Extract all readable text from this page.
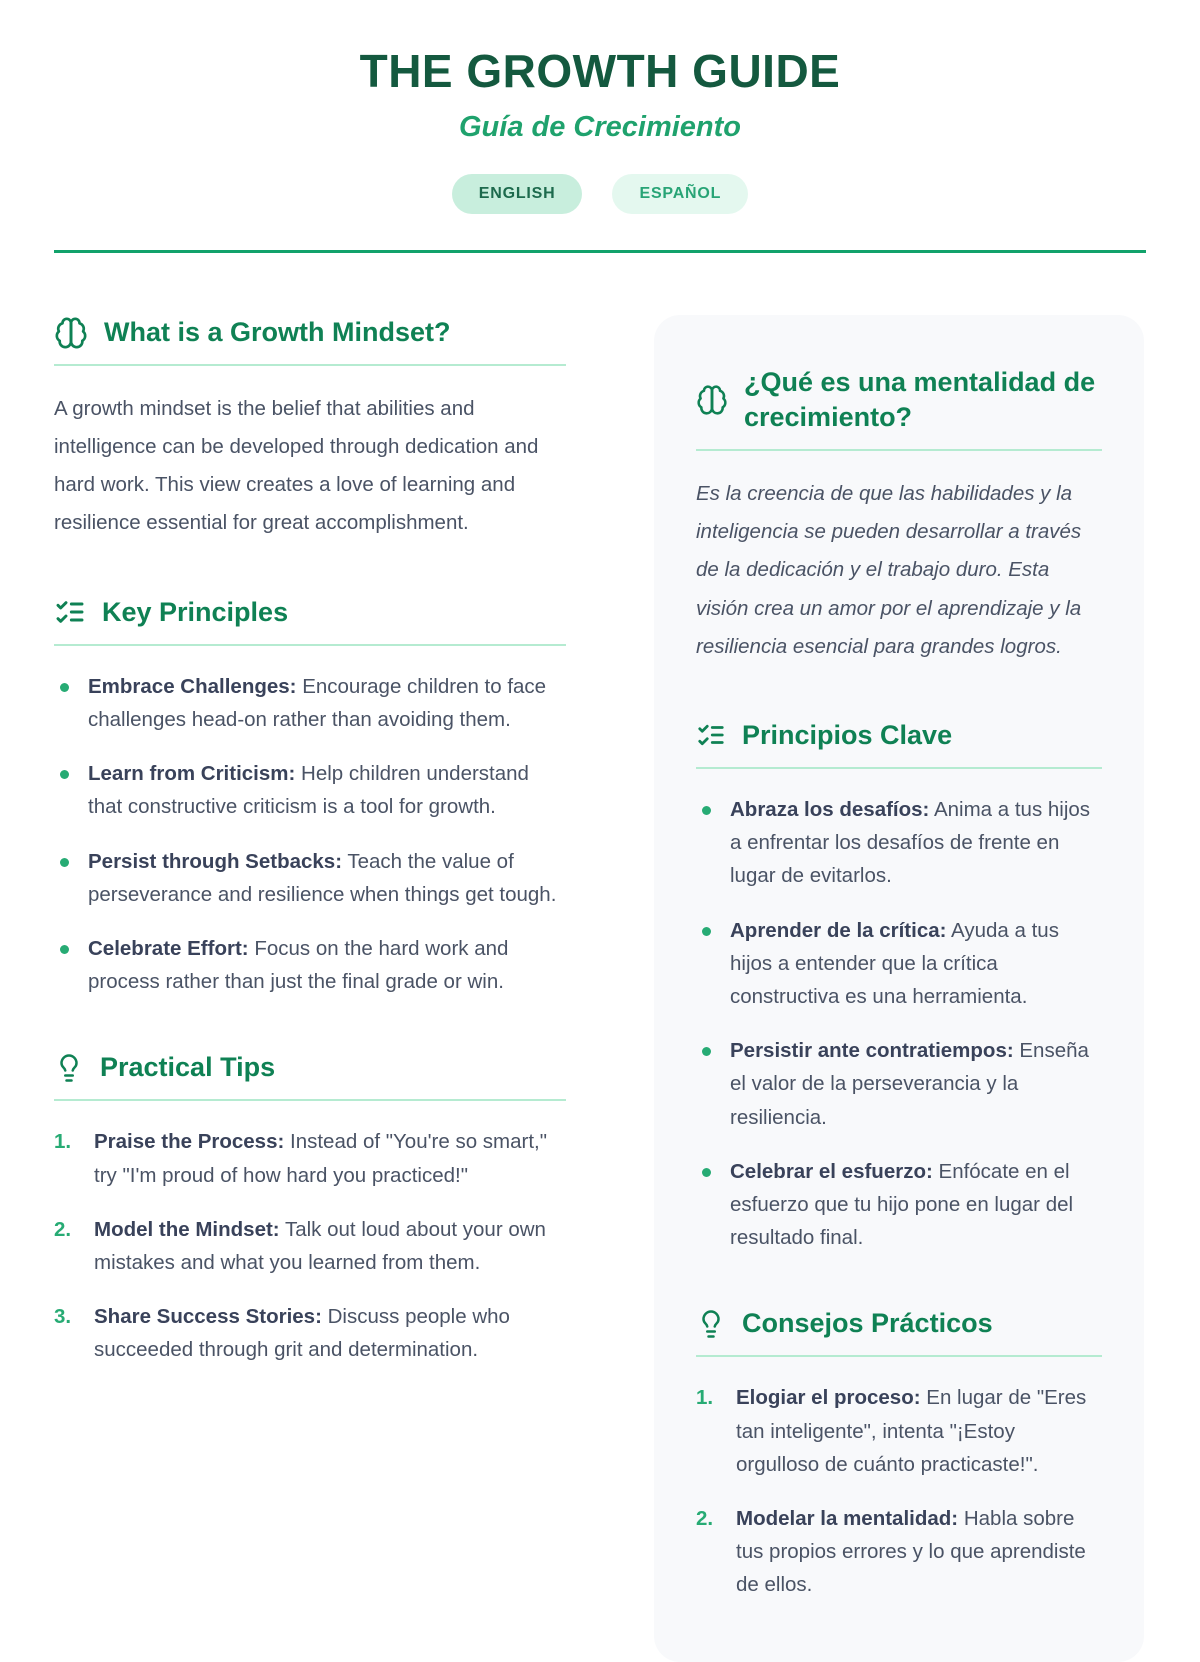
THE GROWTH GUIDE
Guía de Crecimiento
ENGLISH	ESPAÑOL
What is a Growth Mindset?

A growth mindset is the belief that abilities and intelligence can be developed through dedication and hard work. This view creates a love of learning and resilience essential for great accomplishment.

Key Principles
Embrace Challenges: Encourage children to face challenges head-on rather than avoiding them.
Learn from Criticism: Help children understand that constructive criticism is a tool for growth.
Persist through Setbacks: Teach the value of perseverance and resilience when things get tough.
Celebrate Effort: Focus on the hard work and process rather than just the final grade or win.
Practical Tips
1. Praise the Process: Instead of "You're so smart," try "I'm proud of how hard you practiced!"
2. Model the Mindset: Talk out loud about your own mistakes and what you learned from them.
3. Share Success Stories: Discuss people who succeeded through grit and determination.
¿Qué es una mentalidad de crecimiento?

Es la creencia de que las habilidades y la inteligencia se pueden desarrollar a través de la dedicación y el trabajo duro. Esta visión crea un amor por el aprendizaje y la resiliencia esencial para grandes logros.

Principios Clave
Abraza los desafíos: Anima a tus hijos a enfrentar los desafíos de frente en lugar de evitarlos.
Aprender de la crítica: Ayuda a tus hijos a entender que la crítica constructiva es una herramienta.
Persistir ante contratiempos: Enseña el valor de la perseverancia y la resiliencia.
Celebrar el esfuerzo: Enfócate en el esfuerzo que tu hijo pone en lugar del resultado final.
Consejos Prácticos
1. Elogiar el proceso: En lugar de "Eres tan inteligente", intenta "¡Estoy orgulloso de cuánto practicaste!".
2. Modelar la mentalidad: Habla sobre tus propios errores y lo que aprendiste de ellos.
